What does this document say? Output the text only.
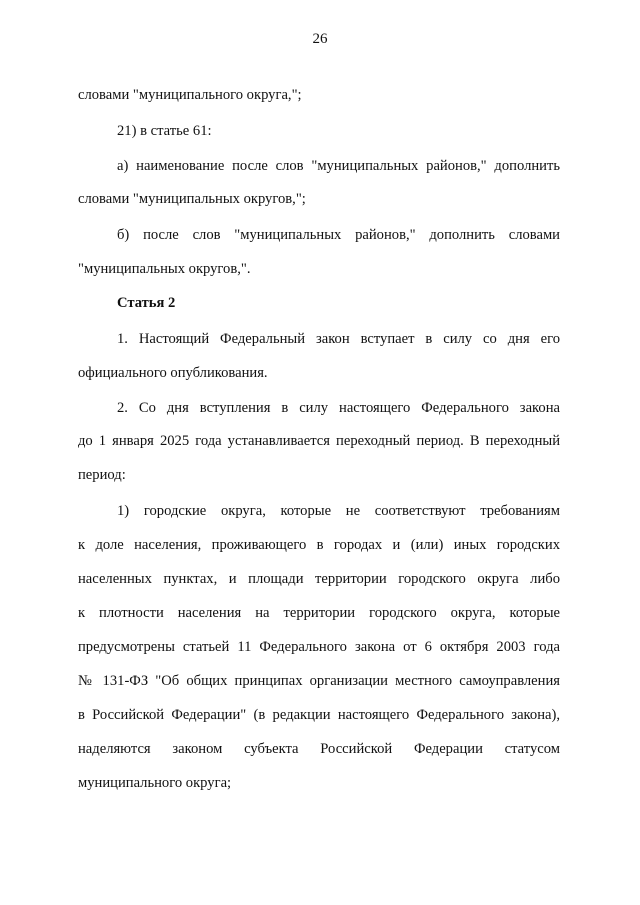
26

словами "муниципального округа,";

21) в статье 61:

а) наименование после слов "муниципальных районов," дополнить

словами "муниципальных округов,";

б) после слов "муниципальных районов," дополнить словами

"муниципальных округов,".

Статья 2

1. Настоящий Федеральный закон вступает в силу со дня его

официального опубликования.

2. Со дня вступления в силу настоящего Федерального закона

до 1 января 2025 года устанавливается переходный период. В переходный

период:

1) городские округа, которые не соответствуют требованиям

к доле населения, проживающего в городах и (или) иных городских

населенных пунктах, и площади территории городского округа либо

к плотности населения на территории городского округа, которые

предусмотрены статьей 11 Федерального закона от 6 октября 2003 года

№ 131-ФЗ "Об общих принципах организации местного самоуправления

в Российской Федерации" (в редакции настоящего Федерального закона),

наделяются законом субъекта Российской Федерации статусом

муниципального округа;
